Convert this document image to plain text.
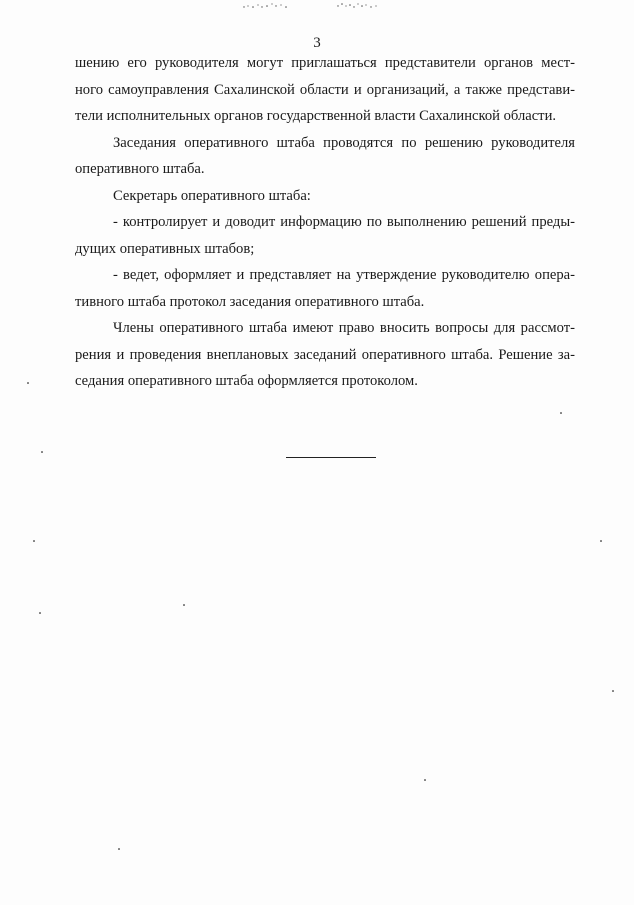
3
шению его руководителя могут приглашаться представители органов мест-
ного самоуправления Сахалинской области и организаций, а также представи-
тели исполнительных органов государственной власти Сахалинской области.
Заседания оперативного штаба проводятся по решению руководителя
оперативного штаба.
Секретарь оперативного штаба:
- контролирует и доводит информацию по выполнению решений преды-
дущих оперативных штабов;
- ведет, оформляет и представляет на утверждение руководителю опера-
тивного штаба протокол заседания оперативного штаба.
Члены оперативного штаба имеют право вносить вопросы для рассмот-
рения и проведения внеплановых заседаний оперативного штаба. Решение за-
седания оперативного штаба оформляется протоколом.
